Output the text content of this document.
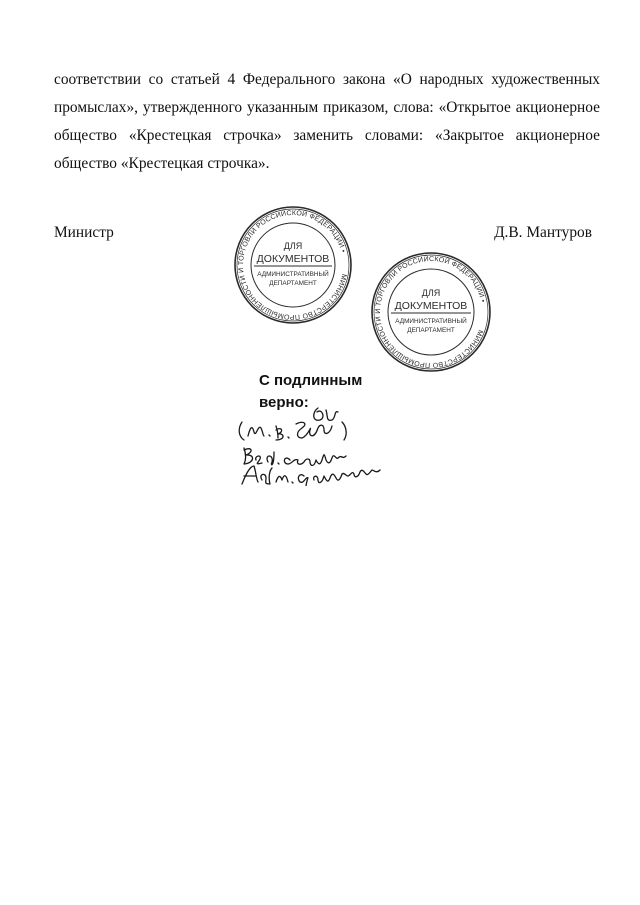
соответствии со статьей 4 Федерального закона «О народных художественных
промыслах», утвержденного указанным приказом, слова: «Открытое акционерное
общество «Крестецкая строчка» заменить словами: «Закрытое акционерное
общество «Крестецкая строчка».

Министр	Д.В. Мантуров
МИНИСТЕРСТВО ПРОМЫШЛЕННОСТИ И ТОРГОВЛИ РОССИЙСКОЙ ФЕДЕРАЦИИ •
ДЛЯ
ДОКУМЕНТОВ
АДМИНИСТРАТИВНЫЙ
ДЕПАРТАМЕНТ
МИНИСТЕРСТВО ПРОМЫШЛЕННОСТИ И ТОРГОВЛИ РОССИЙСКОЙ ФЕДЕРАЦИИ •
ДЛЯ
ДОКУМЕНТОВ
АДМИНИСТРАТИВНЫЙ
ДЕПАРТАМЕНТ
С подлинным
верно:
